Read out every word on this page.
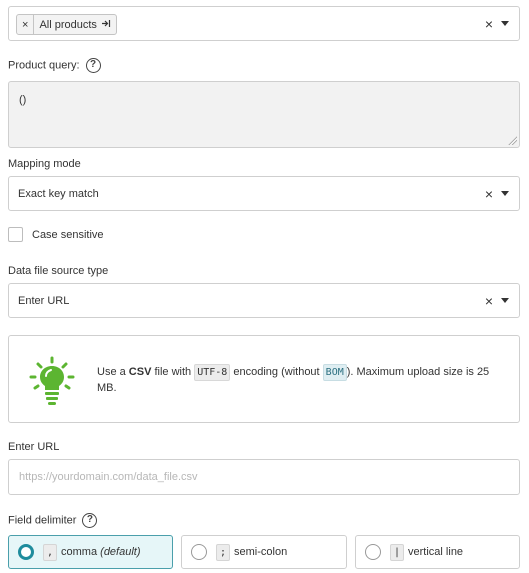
×	All products	×
Product query: ?
()
Mapping mode
Exact key match	×
Case sensitive
Data file source type
Enter URL	×
Use a CSV file with UTF-8 encoding (without BOM ). Maximum upload size is 25 MB.
Enter URL
https://yourdomain.com/data_file.csv
Field delimiter ?
, comma (default)	; semi-colon	| vertical line
